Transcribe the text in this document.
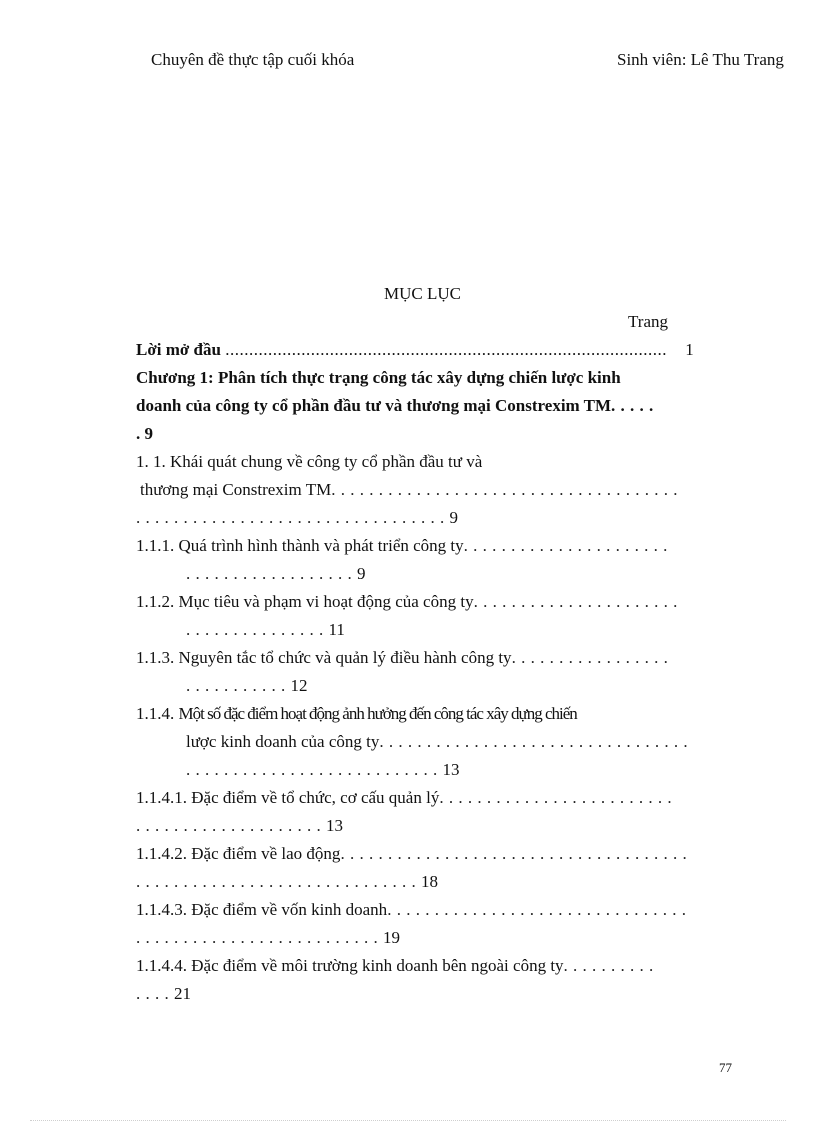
Chuyên đề thực tập cuối khóa	Sinh viên: Lê Thu Trang
MỤC LỤC
Trang
Lời mở đầu ............................................................................................. 1
Chương 1: Phân tích thực trạng công tác xây dựng chiến lược kinh
doanh của công ty cổ phần đầu tư và thương mại Constrexim TM. . . . .
. 9
1. 1. Khái quát chung về công ty cổ phần đầu tư và
thương mại Constrexim TM. . . . . . . . . . . . . . . . . . . . . . . . . . . . . . . . . . . . .
. . . . . . . . . . . . . . . . . . . . . . . . . . . . . . . . . 9
1.1.1. Quá trình hình thành và phát triển công ty. . . . . . . . . . . . . . . . . . . . . .
. . . . . . . . . . . . . . . . . . 9
1.1.2. Mục tiêu và phạm vi hoạt động của công ty. . . . . . . . . . . . . . . . . . . . . .
. . . . . . . . . . . . . . . 11
1.1.3. Nguyên tắc tổ chức và quản lý điều hành công ty. . . . . . . . . . . . . . . . .
. . . . . . . . . . . 12
1.1.4. Một số đặc điểm hoạt động ảnh hưởng đến công tác xây dựng chiến
lược kinh doanh của công ty. . . . . . . . . . . . . . . . . . . . . . . . . . . . . . . . .
. . . . . . . . . . . . . . . . . . . . . . . . . . . 13
1.1.4.1. Đặc điểm về tổ chức, cơ cấu quản lý. . . . . . . . . . . . . . . . . . . . . . . . .
. . . . . . . . . . . . . . . . . . . . 13
1.1.4.2. Đặc điểm về lao động. . . . . . . . . . . . . . . . . . . . . . . . . . . . . . . . . . . . .
. . . . . . . . . . . . . . . . . . . . . . . . . . . . . . 18
1.1.4.3. Đặc điểm về vốn kinh doanh. . . . . . . . . . . . . . . . . . . . . . . . . . . . . . . .
. . . . . . . . . . . . . . . . . . . . . . . . . . 19
1.1.4.4. Đặc điểm về môi trường kinh doanh bên ngoài công ty. . . . . . . . . .
. . . . 21
77
